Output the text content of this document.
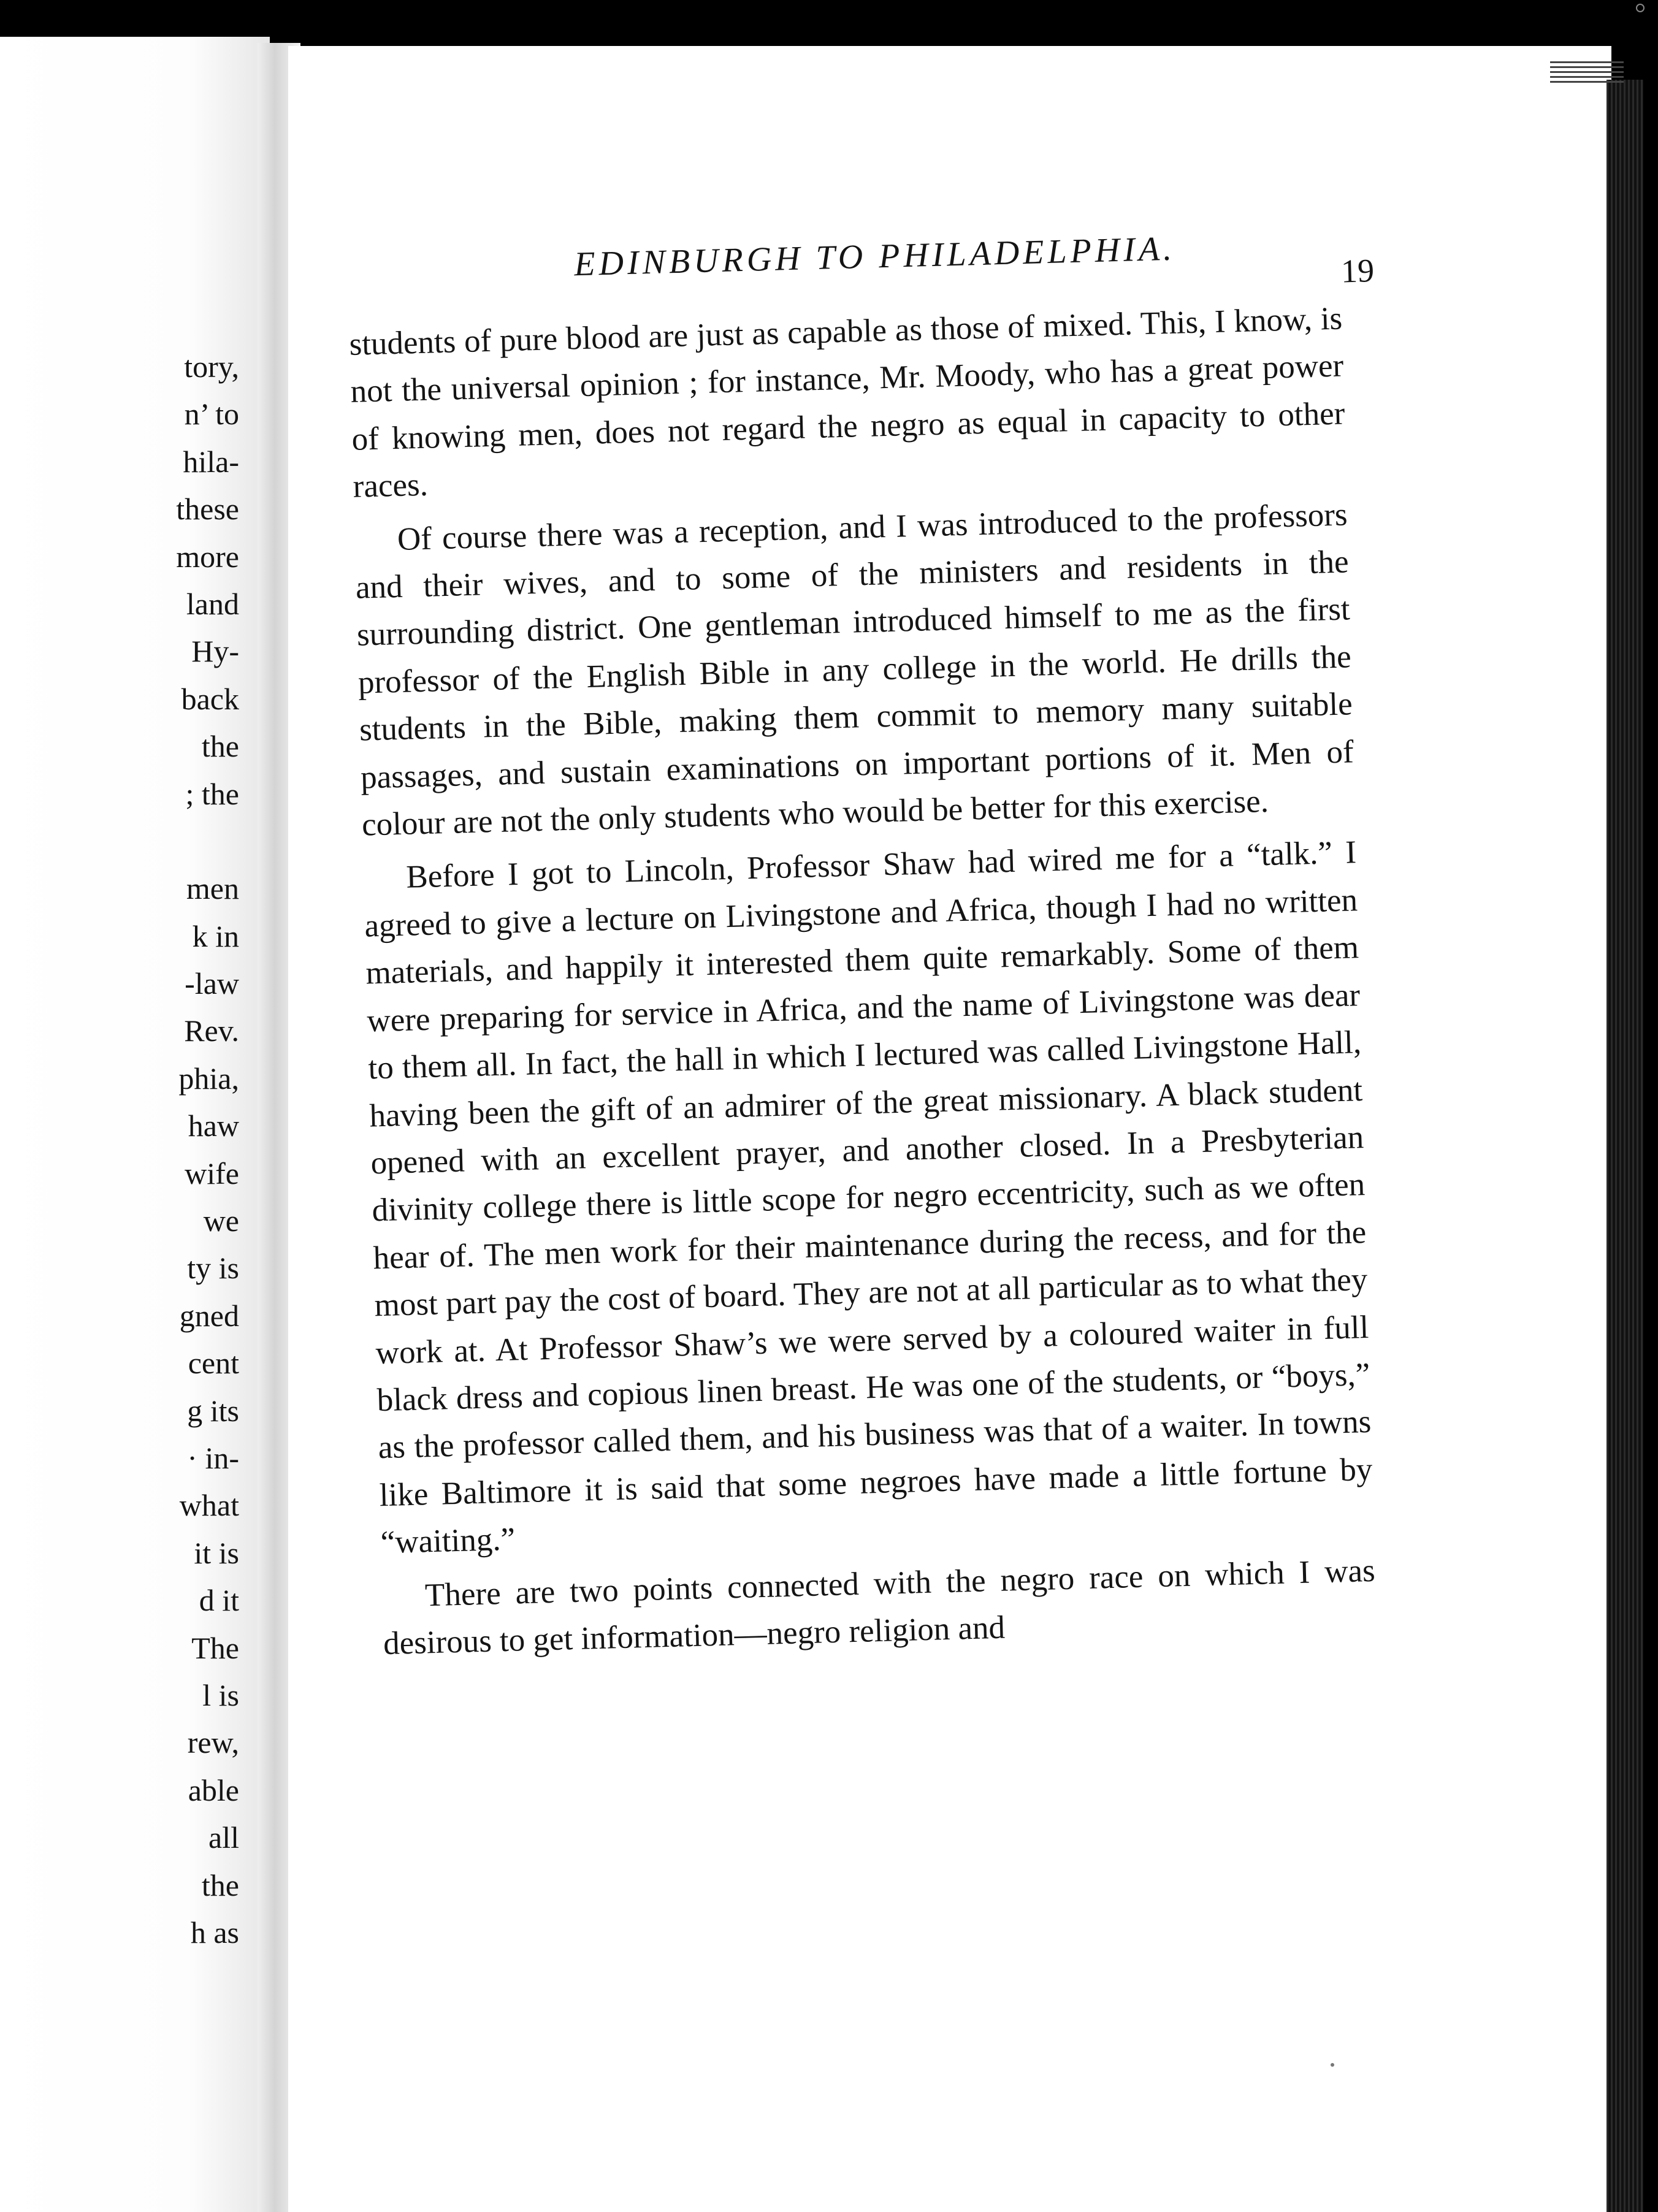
tory,
n’ to
hila-
these
more
land
Hy-
back
the
; the
men
k in
-law
Rev.
phia,
haw
wife
we
ty is
gned
cent
g its
· in-
what
it is
d it
The
l is
rew,
able
all
the
h as
EDINBURGH TO PHILADELPHIA.	19

students of pure blood are just as capable as those of mixed. This, I know, is not the universal opinion ; for instance, Mr. Moody, who has a great power of knowing men, does not regard the negro as equal in capacity to other races.

Of course there was a reception, and I was introduced to the professors and their wives, and to some of the ministers and residents in the surrounding district. One gentleman introduced himself to me as the first professor of the English Bible in any college in the world. He drills the students in the Bible, making them commit to memory many suitable passages, and sustain examinations on important portions of it. Men of colour are not the only students who would be better for this exercise.

Before I got to Lincoln, Professor Shaw had wired me for a “talk.” I agreed to give a lecture on Livingstone and Africa, though I had no written materials, and happily it interested them quite remarkably. Some of them were preparing for service in Africa, and the name of Livingstone was dear to them all. In fact, the hall in which I lectured was called Livingstone Hall, having been the gift of an admirer of the great missionary. A black student opened with an excellent prayer, and another closed. In a Presbyterian divinity college there is little scope for negro eccentricity, such as we often hear of. The men work for their maintenance during the recess, and for the most part pay the cost of board. They are not at all particular as to what they work at. At Professor Shaw’s we were served by a coloured waiter in full black dress and copious linen breast. He was one of the students, or “boys,” as the professor called them, and his business was that of a waiter. In towns like Baltimore it is said that some negroes have made a little fortune by “waiting.”

There are two points connected with the negro race on which I was desirous to get information—negro religion and
